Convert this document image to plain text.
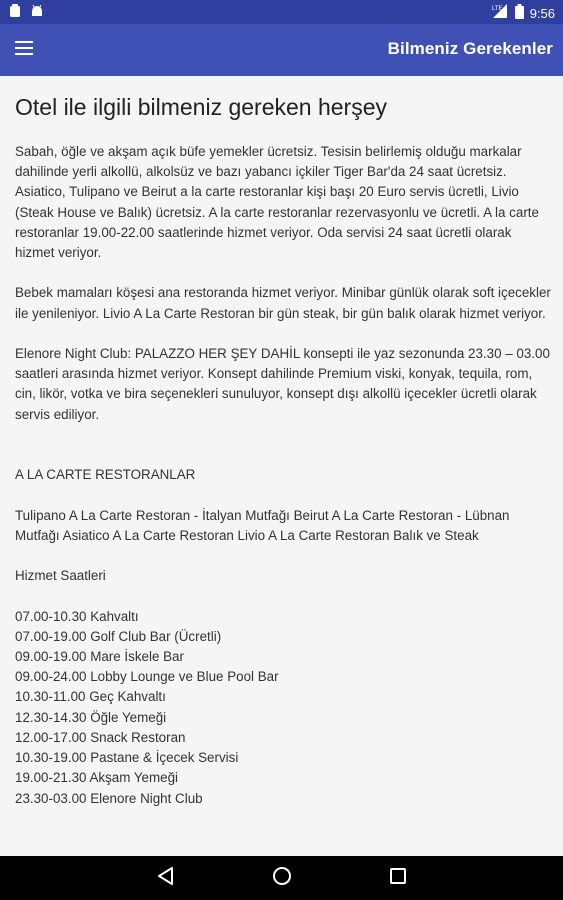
LTE 9:56
Bilmeniz Gerekenler
Otel ile ilgili bilmeniz gereken herşey

Sabah, öğle ve akşam açık büfe yemekler ücretsiz. Tesisin belirlemiş olduğu markalar dahilinde yerli alkollü, alkolsüz ve bazı yabancı içkiler Tiger Bar'da 24 saat ücretsiz.
Asiatico, Tulipano ve Beirut a la carte restoranlar kişi başı 20 Euro servis ücretli, Livio (Steak House ve Balık) ücretsiz. A la carte restoranlar rezervasyonlu ve ücretli. A la carte restoranlar 19.00-22.00 saatlerinde hizmet veriyor. Oda servisi 24 saat ücretli olarak hizmet veriyor.

Bebek mamaları köşesi ana restoranda hizmet veriyor. Minibar günlük olarak soft içecekler ile yenileniyor. Livio A La Carte Restoran bir gün steak, bir gün balık olarak hizmet veriyor.

Elenore Night Club: PALAZZO HER ŞEY DAHİL konsepti ile yaz sezonunda 23.30 – 03.00 saatleri arasında hizmet veriyor. Konsept dahilinde Premium viski, konyak, tequila, rom, cin, likör, votka ve bira seçenekleri sunuluyor, konsept dışı alkollü içecekler ücretli olarak servis ediliyor.

A LA CARTE RESTORANLAR

Tulipano A La Carte Restoran - İtalyan Mutfağı Beirut A La Carte Restoran - Lübnan Mutfağı Asiatico A La Carte Restoran Livio A La Carte Restoran Balık ve Steak

Hizmet Saatleri

07.00-10.30 Kahvaltı
07.00-19.00 Golf Club Bar (Ücretli)
09.00-19.00 Mare İskele Bar
09.00-24.00 Lobby Lounge ve Blue Pool Bar
10.30-11.00 Geç Kahvaltı
12.30-14.30 Öğle Yemeği
12.00-17.00 Snack Restoran
10.30-19.00 Pastane & İçecek Servisi
19.00-21.30 Akşam Yemeği
23.30-03.00 Elenore Night Club
